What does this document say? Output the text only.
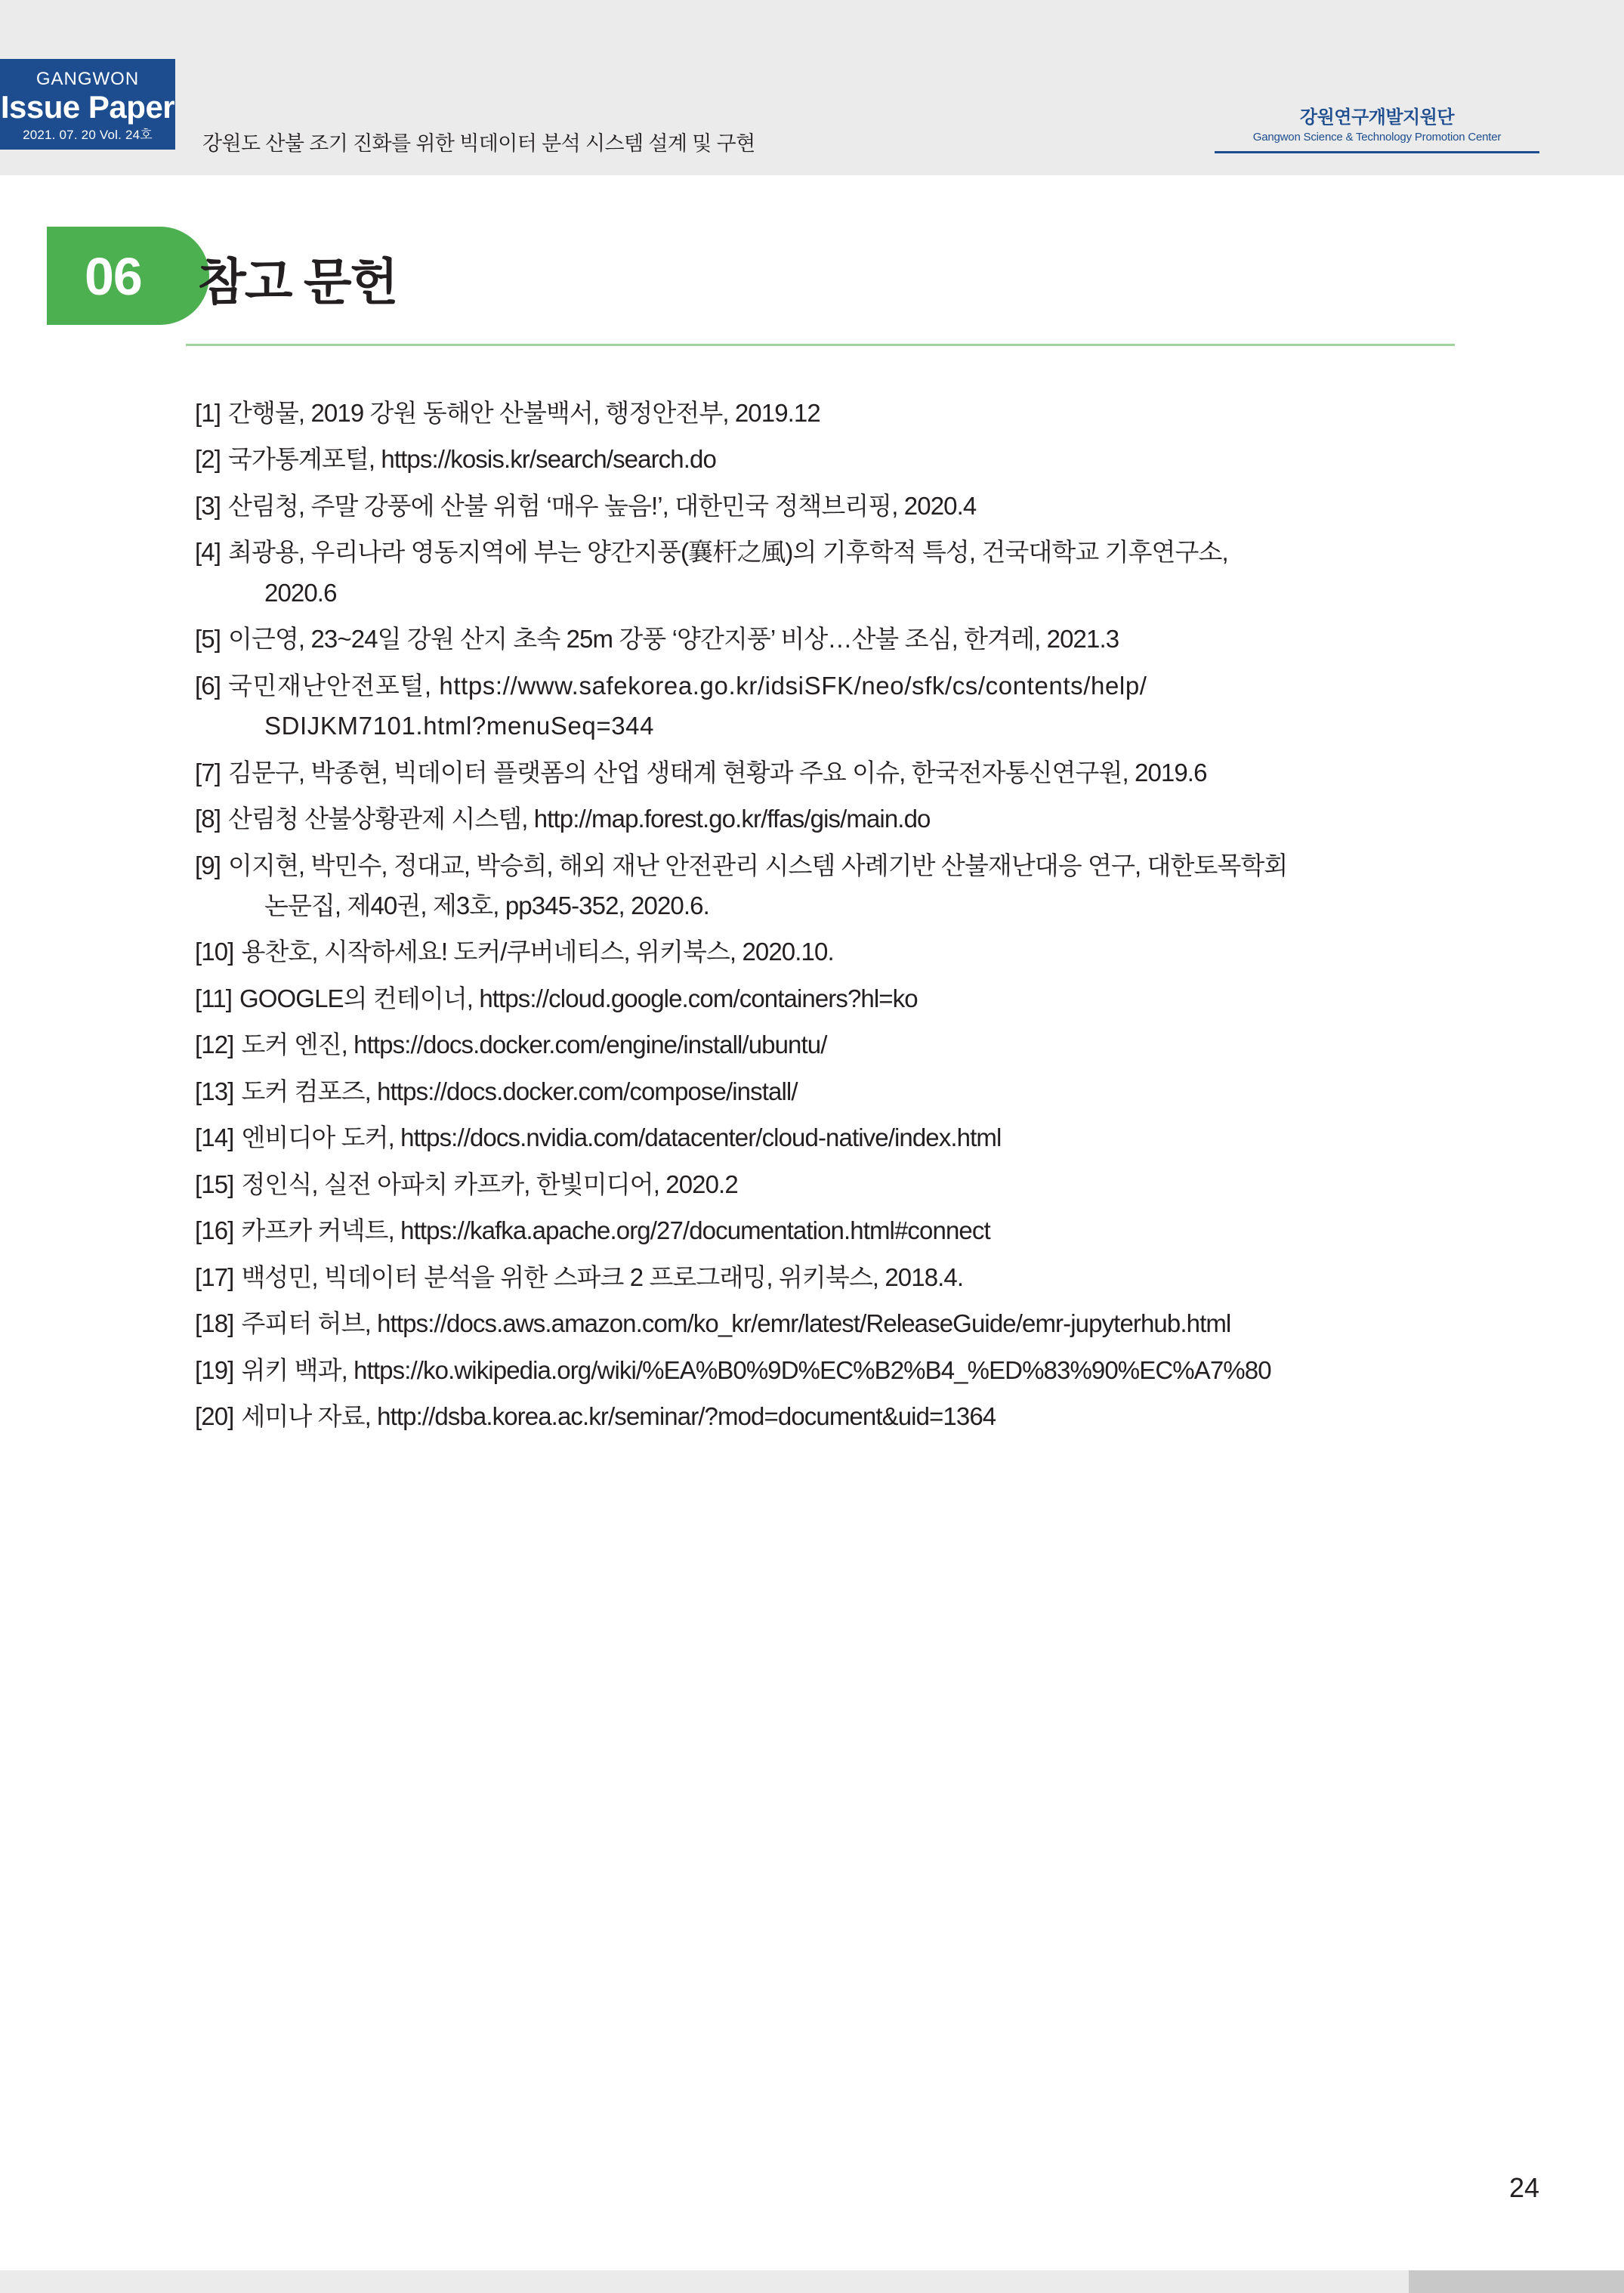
GANGWON
Issue Paper
2021. 07. 20 Vol. 24호	강원도 산불 조기 진화를 위한 빅데이터 분석 시스템 설계 및 구현
강원연구개발지원단
Gangwon Science & Technology Promotion Center
06 참고 문헌
[1] 간행물, 2019 강원 동해안 산불백서, 행정안전부, 2019.12
[2] 국가통계포털, https://kosis.kr/search/search.do
[3] 산림청, 주말 강풍에 산불 위험 ‘매우 높음!’, 대한민국 정책브리핑, 2020.4
[4] 최광용, 우리나라 영동지역에 부는 양간지풍(襄杆之風)의 기후학적 특성, 건국대학교 기후연구소,
2020.6
[5] 이근영, 23~24일 강원 산지 초속 25m 강풍 ‘양간지풍’ 비상…산불 조심, 한겨레, 2021.3
[6] 국민재난안전포털, https://www.safekorea.go.kr/idsiSFK/neo/sfk/cs/contents/help/
SDIJKM7101.html?menuSeq=344
[7] 김문구, 박종현, 빅데이터 플랫폼의 산업 생태계 현황과 주요 이슈, 한국전자통신연구원, 2019.6
[8] 산림청 산불상황관제 시스템, http://map.forest.go.kr/ffas/gis/main.do
[9] 이지현, 박민수, 정대교, 박승희, 해외 재난 안전관리 시스템 사례기반 산불재난대응 연구, 대한토목학회
논문집, 제40권, 제3호, pp345-352, 2020.6.
[10] 용찬호, 시작하세요! 도커/쿠버네티스, 위키북스, 2020.10.
[11] GOOGLE의 컨테이너, https://cloud.google.com/containers?hl=ko
[12] 도커 엔진, https://docs.docker.com/engine/install/ubuntu/
[13] 도커 컴포즈, https://docs.docker.com/compose/install/
[14] 엔비디아 도커, https://docs.nvidia.com/datacenter/cloud-native/index.html
[15] 정인식, 실전 아파치 카프카, 한빛미디어, 2020.2
[16] 카프카 커넥트, https://kafka.apache.org/27/documentation.html#connect
[17] 백성민, 빅데이터 분석을 위한 스파크 2 프로그래밍, 위키북스, 2018.4.
[18] 주피터 허브, https://docs.aws.amazon.com/ko_kr/emr/latest/ReleaseGuide/emr-jupyterhub.html
[19] 위키 백과, https://ko.wikipedia.org/wiki/%EA%B0%9D%EC%B2%B4_%ED%83%90%EC%A7%80
[20] 세미나 자료, http://dsba.korea.ac.kr/seminar/?mod=document&uid=1364
24
